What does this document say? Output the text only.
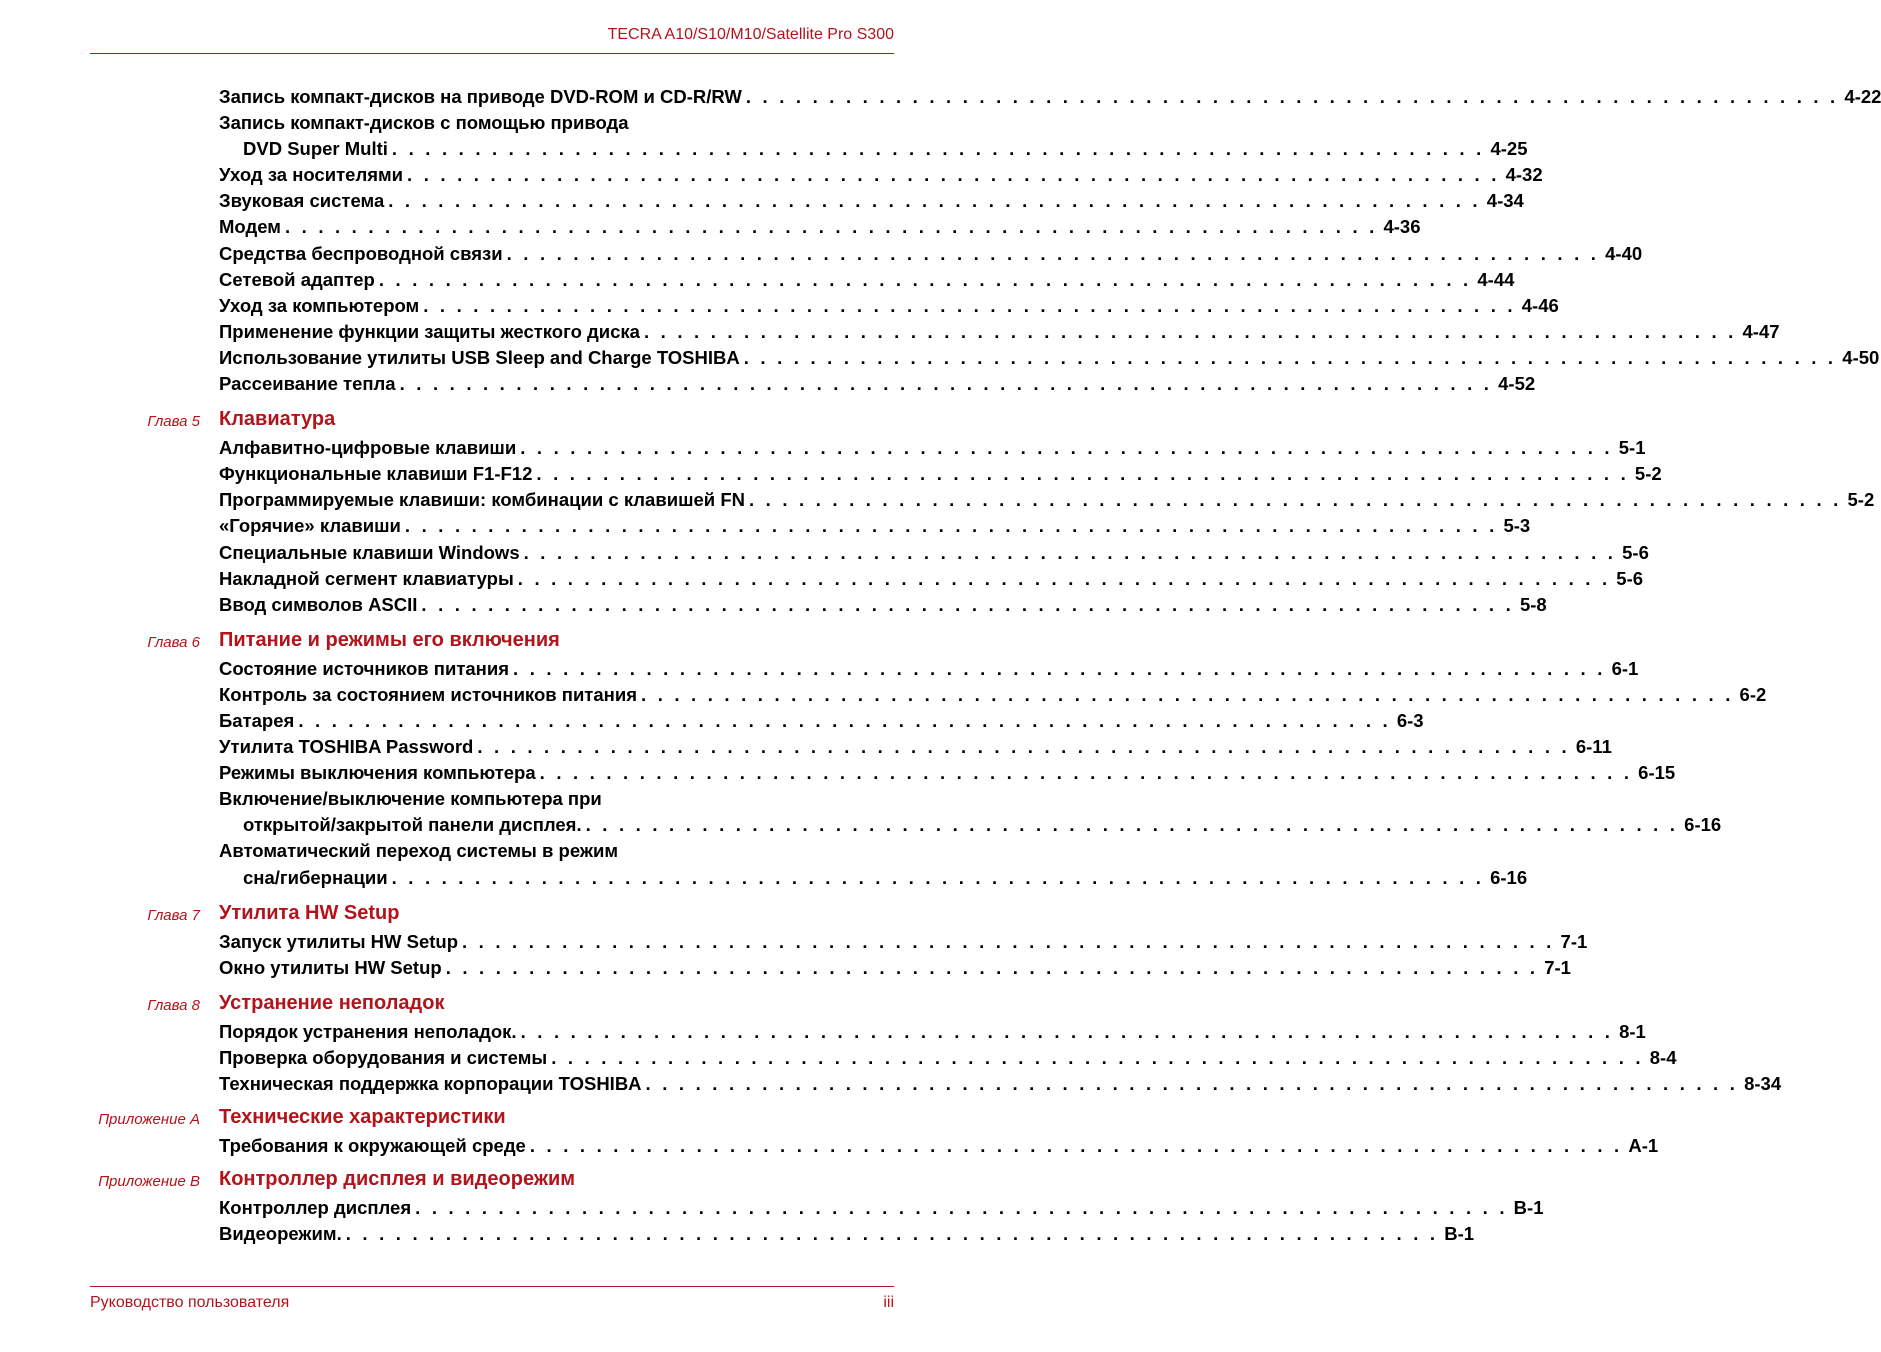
TECRA A10/S10/M10/Satellite Pro S300
Запись компакт-дисков на приводе DVD-ROM и CD-R/RW . . . . . . . . . . . . . . . . . . . . . . . . . . . . . . . . . . . . . . . . . . . . . . . . . . . . . . . . . . . . . . . . . . 4-22
Запись компакт-дисков с помощью привода
DVD Super Multi . . . . . . . . . . . . . . . . . . . . . . . . . . . . . . . . . . . . . . . . . . . . . . . . . . . . . . . . . . . . . . . . . . 4-25
Уход за носителями . . . . . . . . . . . . . . . . . . . . . . . . . . . . . . . . . . . . . . . . . . . . . . . . . . . . . . . . . . . . . . . . . . 4-32
Звуковая система . . . . . . . . . . . . . . . . . . . . . . . . . . . . . . . . . . . . . . . . . . . . . . . . . . . . . . . . . . . . . . . . . . 4-34
Модем . . . . . . . . . . . . . . . . . . . . . . . . . . . . . . . . . . . . . . . . . . . . . . . . . . . . . . . . . . . . . . . . . . 4-36
Средства беспроводной связи . . . . . . . . . . . . . . . . . . . . . . . . . . . . . . . . . . . . . . . . . . . . . . . . . . . . . . . . . . . . . . . . . . 4-40
Сетевой адаптер . . . . . . . . . . . . . . . . . . . . . . . . . . . . . . . . . . . . . . . . . . . . . . . . . . . . . . . . . . . . . . . . . . 4-44
Уход за компьютером . . . . . . . . . . . . . . . . . . . . . . . . . . . . . . . . . . . . . . . . . . . . . . . . . . . . . . . . . . . . . . . . . . 4-46
Применение функции защиты жесткого диска . . . . . . . . . . . . . . . . . . . . . . . . . . . . . . . . . . . . . . . . . . . . . . . . . . . . . . . . . . . . . . . . . . 4-47
Использование утилиты USB Sleep and Charge TOSHIBA . . . . . . . . . . . . . . . . . . . . . . . . . . . . . . . . . . . . . . . . . . . . . . . . . . . . . . . . . . . . . . . . . . 4-50
Рассеивание тепла . . . . . . . . . . . . . . . . . . . . . . . . . . . . . . . . . . . . . . . . . . . . . . . . . . . . . . . . . . . . . . . . . . 4-52
Глава 5 Клавиатура
Алфавитно-цифровые клавиши . . . . . . . . . . . . . . . . . . . . . . . . . . . . . . . . . . . . . . . . . . . . . . . . . . . . . . . . . . . . . . . . . . 5-1
Функциональные клавиши F1-F12 . . . . . . . . . . . . . . . . . . . . . . . . . . . . . . . . . . . . . . . . . . . . . . . . . . . . . . . . . . . . . . . . . . 5-2
Программируемые клавиши: комбинации с клавишей FN . . . . . . . . . . . . . . . . . . . . . . . . . . . . . . . . . . . . . . . . . . . . . . . . . . . . . . . . . . . . . . . . . . 5-2
«Горячие» клавиши . . . . . . . . . . . . . . . . . . . . . . . . . . . . . . . . . . . . . . . . . . . . . . . . . . . . . . . . . . . . . . . . . . 5-3
Специальные клавиши Windows . . . . . . . . . . . . . . . . . . . . . . . . . . . . . . . . . . . . . . . . . . . . . . . . . . . . . . . . . . . . . . . . . . 5-6
Накладной сегмент клавиатуры . . . . . . . . . . . . . . . . . . . . . . . . . . . . . . . . . . . . . . . . . . . . . . . . . . . . . . . . . . . . . . . . . . 5-6
Ввод символов ASCII . . . . . . . . . . . . . . . . . . . . . . . . . . . . . . . . . . . . . . . . . . . . . . . . . . . . . . . . . . . . . . . . . . 5-8
Глава 6 Питание и режимы его включения
Состояние источников питания . . . . . . . . . . . . . . . . . . . . . . . . . . . . . . . . . . . . . . . . . . . . . . . . . . . . . . . . . . . . . . . . . . 6-1
Контроль за состоянием источников питания . . . . . . . . . . . . . . . . . . . . . . . . . . . . . . . . . . . . . . . . . . . . . . . . . . . . . . . . . . . . . . . . . . 6-2
Батарея . . . . . . . . . . . . . . . . . . . . . . . . . . . . . . . . . . . . . . . . . . . . . . . . . . . . . . . . . . . . . . . . . . 6-3
Утилита TOSHIBA Password . . . . . . . . . . . . . . . . . . . . . . . . . . . . . . . . . . . . . . . . . . . . . . . . . . . . . . . . . . . . . . . . . . 6-11
Режимы выключения компьютера . . . . . . . . . . . . . . . . . . . . . . . . . . . . . . . . . . . . . . . . . . . . . . . . . . . . . . . . . . . . . . . . . . 6-15
Включение/выключение компьютера при
открытой/закрытой панели дисплея. . . . . . . . . . . . . . . . . . . . . . . . . . . . . . . . . . . . . . . . . . . . . . . . . . . . . . . . . . . . . . . . . . . 6-16
Автоматический переход системы в режим
сна/гибернации . . . . . . . . . . . . . . . . . . . . . . . . . . . . . . . . . . . . . . . . . . . . . . . . . . . . . . . . . . . . . . . . . . 6-16
Глава 7 Утилита HW Setup
Запуск утилиты HW Setup . . . . . . . . . . . . . . . . . . . . . . . . . . . . . . . . . . . . . . . . . . . . . . . . . . . . . . . . . . . . . . . . . . 7-1
Окно утилиты HW Setup . . . . . . . . . . . . . . . . . . . . . . . . . . . . . . . . . . . . . . . . . . . . . . . . . . . . . . . . . . . . . . . . . . 7-1
Глава 8 Устранение неполадок
Порядок устранения неполадок. . . . . . . . . . . . . . . . . . . . . . . . . . . . . . . . . . . . . . . . . . . . . . . . . . . . . . . . . . . . . . . . . . . 8-1
Проверка оборудования и системы . . . . . . . . . . . . . . . . . . . . . . . . . . . . . . . . . . . . . . . . . . . . . . . . . . . . . . . . . . . . . . . . . . 8-4
Техническая поддержка корпорации TOSHIBA . . . . . . . . . . . . . . . . . . . . . . . . . . . . . . . . . . . . . . . . . . . . . . . . . . . . . . . . . . . . . . . . . . 8-34
Приложение А Технические характеристики
Требования к окружающей среде . . . . . . . . . . . . . . . . . . . . . . . . . . . . . . . . . . . . . . . . . . . . . . . . . . . . . . . . . . . . . . . . . . А-1
Приложение В Контроллер дисплея и видеорежим
Контроллер дисплея . . . . . . . . . . . . . . . . . . . . . . . . . . . . . . . . . . . . . . . . . . . . . . . . . . . . . . . . . . . . . . . . . . В-1
Видеорежим. . . . . . . . . . . . . . . . . . . . . . . . . . . . . . . . . . . . . . . . . . . . . . . . . . . . . . . . . . . . . . . . . . . В-1
Руководство пользователя	iii
